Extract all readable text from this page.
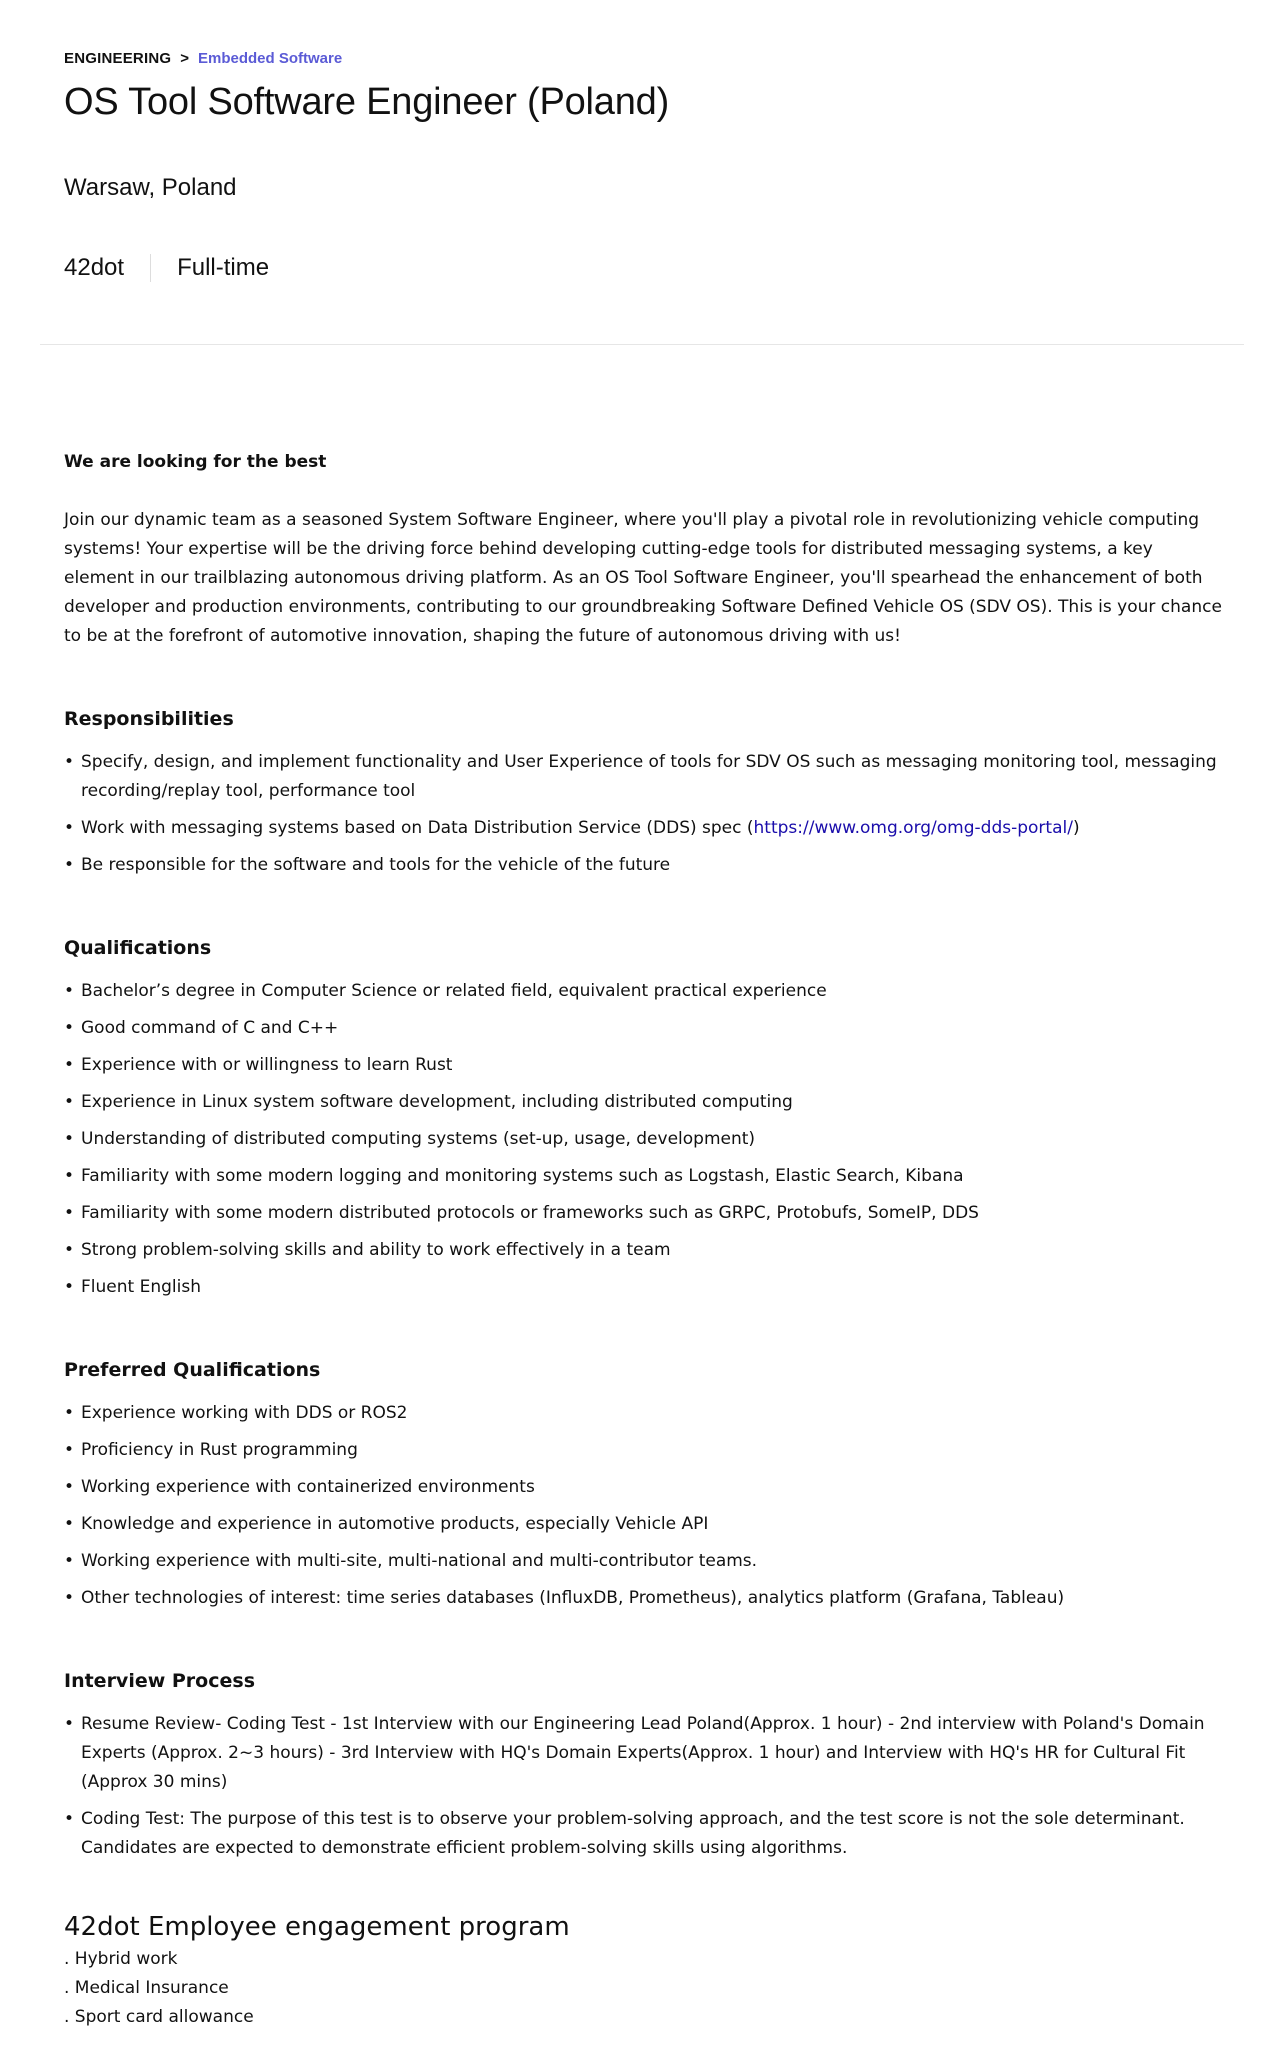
ENGINEERING > Embedded Software
OS Tool Software Engineer (Poland)
Warsaw, Poland
42dot Full-time
We are looking for the best

Join our dynamic team as a seasoned System Software Engineer, where you'll play a pivotal role in revolutionizing vehicle computing systems! Your expertise will be the driving force behind developing cutting-edge tools for distributed messaging systems, a key element in our trailblazing autonomous driving platform. As an OS Tool Software Engineer, you'll spearhead the enhancement of both developer and production environments, contributing to our groundbreaking Software Defined Vehicle OS (SDV OS). This is your chance to be at the forefront of automotive innovation, shaping the future of autonomous driving with us!

Responsibilities
• Specify, design, and implement functionality and User Experience of tools for SDV OS such as messaging monitoring tool, messaging recording/replay tool, performance tool
• Work with messaging systems based on Data Distribution Service (DDS) spec (https://www.omg.org/omg-dds-portal/)
• Be responsible for the software and tools for the vehicle of the future
Qualifications
• Bachelor’s degree in Computer Science or related field, equivalent practical experience
• Good command of C and C++
• Experience with or willingness to learn Rust
• Experience in Linux system software development, including distributed computing
• Understanding of distributed computing systems (set-up, usage, development)
• Familiarity with some modern logging and monitoring systems such as Logstash, Elastic Search, Kibana
• Familiarity with some modern distributed protocols or frameworks such as GRPC, Protobufs, SomeIP, DDS
• Strong problem-solving skills and ability to work effectively in a team
• Fluent English
Preferred Qualifications
• Experience working with DDS or ROS2
• Proficiency in Rust programming
• Working experience with containerized environments
• Knowledge and experience in automotive products, especially Vehicle API
• Working experience with multi-site, multi-national and multi-contributor teams.
• Other technologies of interest: time series databases (InfluxDB, Prometheus), analytics platform (Grafana, Tableau)
Interview Process
• Resume Review- Coding Test - 1st Interview with our Engineering Lead Poland(Approx. 1 hour) - 2nd interview with Poland's Domain Experts (Approx. 2~3 hours) - 3rd Interview with HQ's Domain Experts(Approx. 1 hour) and Interview with HQ's HR for Cultural Fit (Approx 30 mins)
• Coding Test: The purpose of this test is to observe your problem-solving approach, and the test score is not the sole determinant. Candidates are expected to demonstrate efficient problem-solving skills using algorithms.
42dot Employee engagement program
. Hybrid work
. Medical Insurance
. Sport card allowance
